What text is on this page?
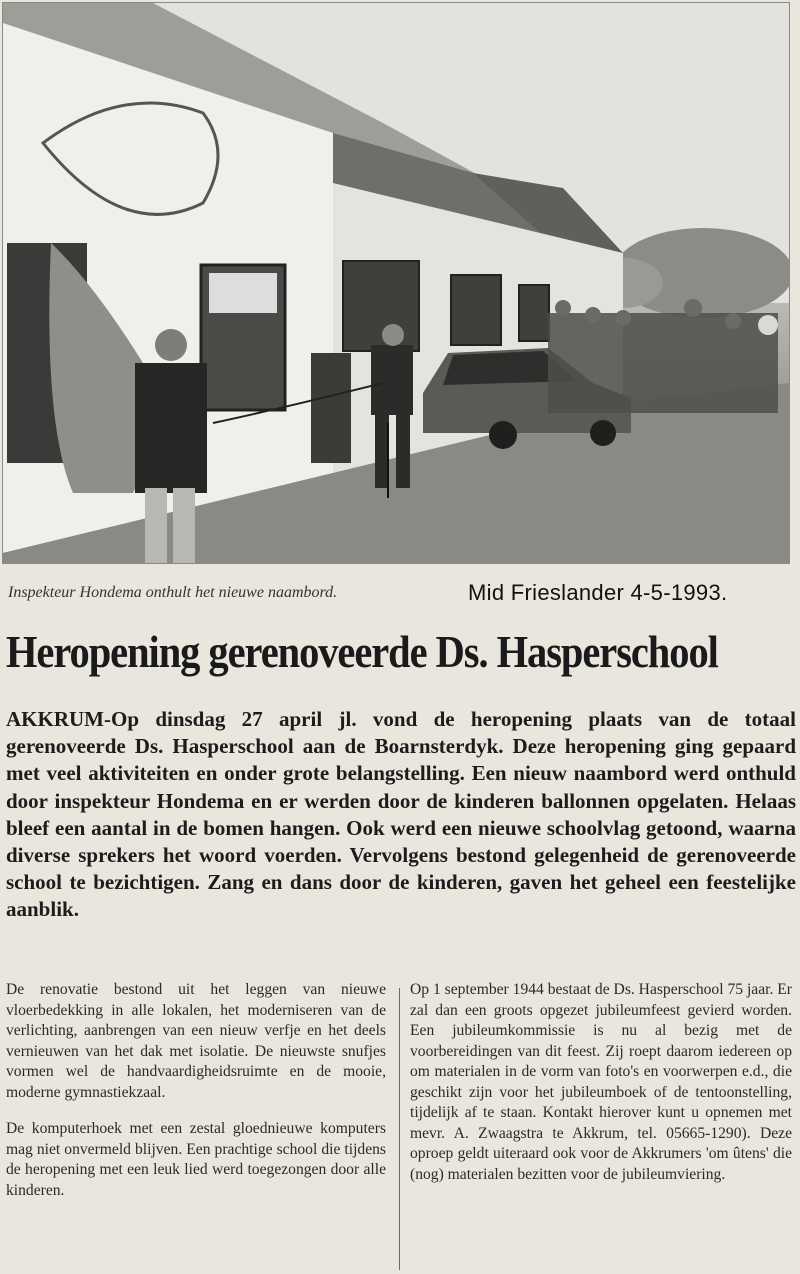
Inspekteur Hondema onthult het nieuwe naambord.	Mid Frieslander 4-5-1993.
Heropening gerenoveerde Ds. Hasperschool
AKKRUM-Op dinsdag 27 april jl. vond de heropening plaats van de totaal gerenoveerde Ds. Hasperschool aan de Boarnsterdyk. Deze heropening ging gepaard met veel aktiviteiten en onder grote belangstelling. Een nieuw naambord werd onthuld door inspekteur Hondema en er werden door de kinderen ballonnen opgelaten. Helaas bleef een aantal in de bomen hangen. Ook werd een nieuwe schoolvlag getoond, waarna diverse sprekers het woord voerden. Vervolgens bestond gelegenheid de gerenoveerde school te bezichtigen. Zang en dans door de kinderen, gaven het geheel een feestelijke aanblik.

De renovatie bestond uit het leggen van nieuwe vloerbedekking in alle lokalen, het moderniseren van de verlichting, aanbrengen van een nieuw verfje en het deels vernieuwen van het dak met isolatie. De nieuwste snufjes vormen wel de handvaardigheidsruimte en de mooie, moderne gymnastiekzaal.

De komputerhoek met een zestal gloednieuwe komputers mag niet onvermeld blijven. Een prachtige school die tijdens de heropening met een leuk lied werd toegezongen door alle kinderen.

Op 1 september 1944 bestaat de Ds. Hasperschool 75 jaar. Er zal dan een groots opgezet jubileumfeest gevierd worden. Een jubileumkommissie is nu al bezig met de voorbereidingen van dit feest. Zij roept daarom iedereen op om materialen in de vorm van foto's en voorwerpen e.d., die geschikt zijn voor het jubileumboek of de tentoonstelling, tijdelijk af te staan. Kontakt hierover kunt u opnemen met mevr. A. Zwaagstra te Akkrum, tel. 05665-1290). Deze oproep geldt uiteraard ook voor de Akkrumers 'om ûtens' die (nog) materialen bezitten voor de jubileumviering.
